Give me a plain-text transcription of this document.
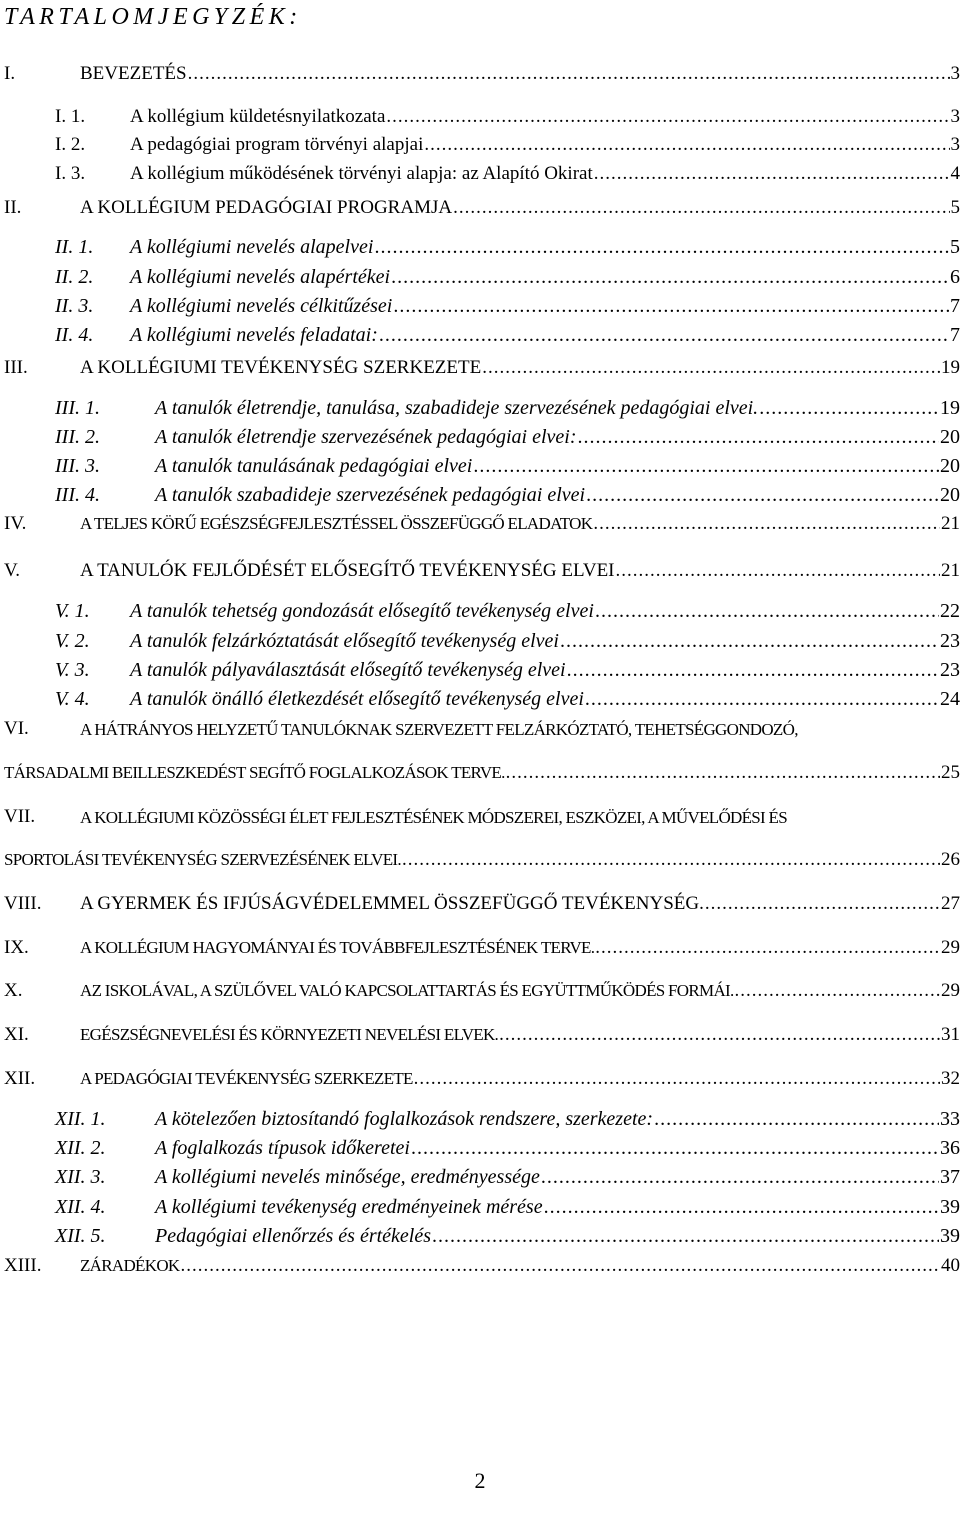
TARTALOMJEGYZÉK:
I.	BEVEZETÉS .....	3
I. 1. A kollégium küldetésnyilatkozata .....	3
I. 2. A pedagógiai program törvényi alapjai .....	3
I. 3. A kollégium működésének törvényi alapja: az Alapító Okirat .....	4
II.	A KOLLÉGIUM PEDAGÓGIAI PROGRAMJA .....	5
II. 1. A kollégiumi nevelés alapelvei .....	5
II. 2. A kollégiumi nevelés alapértékei .....	6
II. 3. A kollégiumi nevelés célkitűzései .....	7
II. 4. A kollégiumi nevelés feladatai: .....	7
III.	A KOLLÉGIUMI TEVÉKENYSÉG SZERKEZETE .....	19
III. 1.	A tanulók életrendje, tanulása, szabadideje szervezésének pedagógiai elvei. .....	19
III. 2.	A tanulók életrendje szervezésének pedagógiai elvei: .....	20
III. 3.	A tanulók tanulásának pedagógiai elvei .....	20
III. 4.	A tanulók szabadideje szervezésének pedagógiai elvei .....	20
IV.	A TELJES KÖRŰ EGÉSZSÉGFEJLESZTÉSSEL ÖSSZEFÜGGŐ ELADATOK .....	21
V.	A TANULÓK FEJLŐDÉSÉT ELŐSEGÍTŐ TEVÉKENYSÉG ELVEI .....	21
V. 1. A tanulók tehetség gondozását elősegítő tevékenység elvei .....	22
V. 2. A tanulók felzárkóztatását elősegítő tevékenység elvei .....	23
V. 3. A tanulók pályaválasztását elősegítő tevékenység elvei .....	23
V. 4. A tanulók önálló életkezdését elősegítő tevékenység elvei .....	24
VI.	A HÁTRÁNYOS HELYZETŰ TANULÓKNAK SZERVEZETT FELZÁRKÓZTATÓ, TEHETSÉGGONDOZÓ,
TÁRSADALMI BEILLESZKEDÉST SEGÍTŐ FOGLALKOZÁSOK TERVE. .....	25
VII.	A KOLLÉGIUMI KÖZÖSSÉGI ÉLET FEJLESZTÉSÉNEK MÓDSZEREI, ESZKÖZEI, A MŰVELŐDÉSI ÉS
SPORTOLÁSI TEVÉKENYSÉG SZERVEZÉSÉNEK ELVEI. .....	26
VIII. A GYERMEK ÉS IFJÚSÁGVÉDELEMMEL ÖSSZEFÜGGŐ TEVÉKENYSÉG. .....	27
IX.	A KOLLÉGIUM HAGYOMÁNYAI ÉS TOVÁBBFEJLESZTÉSÉNEK TERVE. .....	29
X.	AZ ISKOLÁVAL, A SZÜLŐVEL VALÓ KAPCSOLATTARTÁS ÉS EGYÜTTMŰKÖDÉS FORMÁI. .....	29
XI.	EGÉSZSÉGNEVELÉSI ÉS KÖRNYEZETI NEVELÉSI ELVEK. .....	31
XII.	A PEDAGÓGIAI TEVÉKENYSÉG SZERKEZETE .....	32
XII. 1. A kötelezően biztosítandó foglalkozások rendszere, szerkezete: .....	33
XII. 2. A foglalkozás típusok időkeretei .....	36
XII. 3. A kollégiumi nevelés minősége, eredményessége .....	37
XII. 4. A kollégiumi tevékenység eredményeinek mérése .....	39
XII. 5. Pedagógiai ellenőrzés és értékelés .....	39
XIII. ZÁRADÉKOK .....	40
2
